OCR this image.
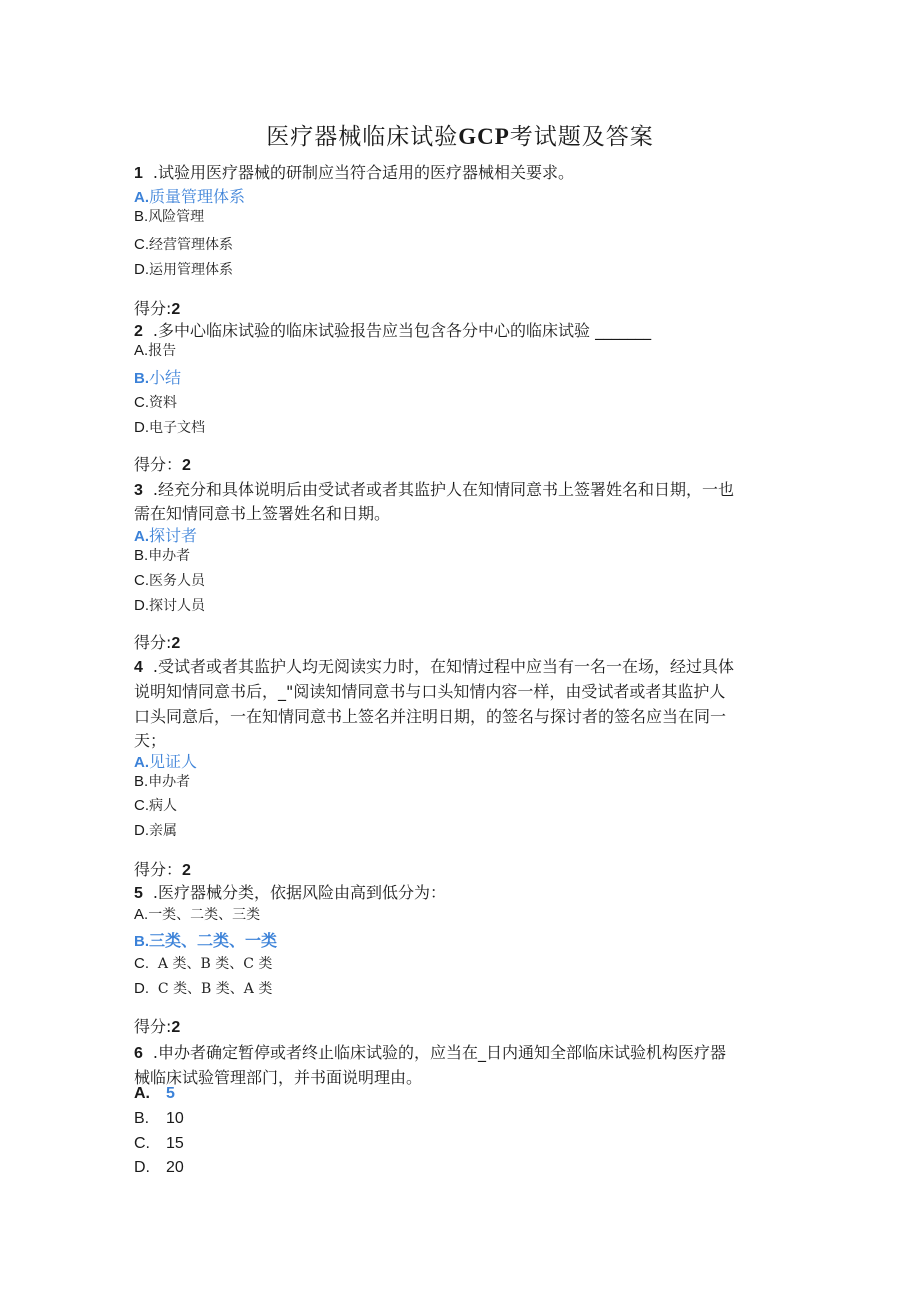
医疗器械临床试验GCP考试题及答案
1 .试验用医疗器械的研制应当符合适用的医疗器械相关要求。
A.质量管理体系
B.风险管理
C.经营管理体系
D.运用管理体系
得分:2
2 .多中心临床试验的临床试验报告应当包含各分中心的临床试验 _______
A.报告
B.小结
C.资料
D.电子文档
得分：2
3 .经充分和具体说明后由受试者或者其监护人在知情同意书上签署姓名和日期，一也
需在知情同意书上签署姓名和日期。
A.探讨者
B.申办者
C.医务人员
D.探讨人员
得分:2
4 .受试者或者其监护人均无阅读实力时，在知情过程中应当有一名一在场，经过具体
说明知情同意书后，_"阅读知情同意书与口头知情内容一样，由受试者或者其监护人
口头同意后，一在知情同意书上签名并注明日期，的签名与探讨者的签名应当在同一
天；
A.见证人
B.申办者
C.病人
D.亲属
得分：2
5 .医疗器械分类，依据风险由高到低分为：
A.一类、二类、三类
B.三类、二类、一类
C.  A 类、B 类、C 类
D.  C 类、B 类、A 类
得分:2
6 .申办者确定暂停或者终止临床试验的，应当在_日内通知全部临床试验机构医疗器
械临床试验管理部门，并书面说明理由。
A. 5
B. 10
C. 15
D. 20
